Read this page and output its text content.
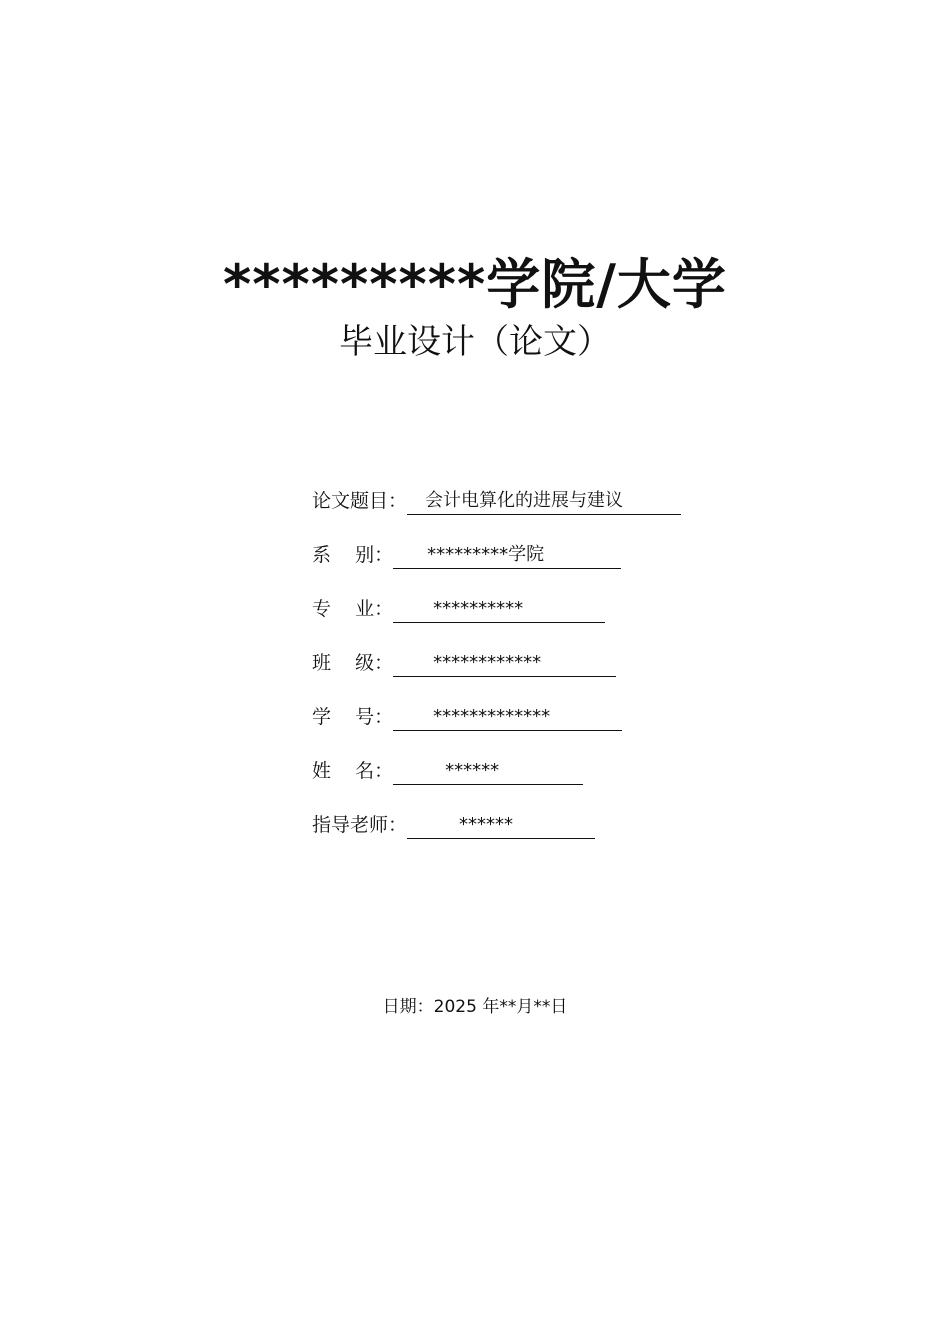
*********学院/大学
毕业设计（论文）
论文题目：	会计电算化的进展与建议
系    别：	*********学院
专    业：	**********
班    级：	************
学    号：	*************
姓    名：	******
指导老师：	******
日期：2025 年**月**日
